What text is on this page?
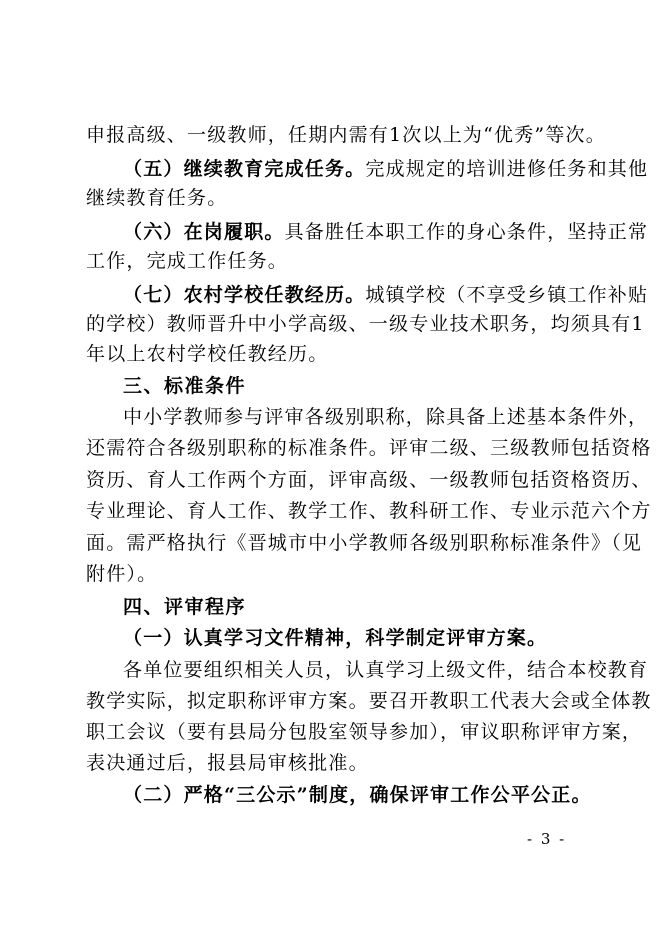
申报高级、一级教师，任期内需有1次以上为“优秀”等次。
（五）继续教育完成任务。完成规定的培训进修任务和其他
继续教育任务。
（六）在岗履职。具备胜任本职工作的身心条件，坚持正常
工作，完成工作任务。
（七）农村学校任教经历。城镇学校（不享受乡镇工作补贴
的学校）教师晋升中小学高级、一级专业技术职务，均须具有1
年以上农村学校任教经历。
三、标准条件
中小学教师参与评审各级别职称，除具备上述基本条件外，
还需符合各级别职称的标准条件。评审二级、三级教师包括资格
资历、育人工作两个方面，评审高级、一级教师包括资格资历、
专业理论、育人工作、教学工作、教科研工作、专业示范六个方
面。需严格执行《晋城市中小学教师各级别职称标准条件》（见
附件）。
四、评审程序
（一）认真学习文件精神，科学制定评审方案。
各单位要组织相关人员，认真学习上级文件，结合本校教育
教学实际，拟定职称评审方案。要召开教职工代表大会或全体教
职工会议（要有县局分包股室领导参加），审议职称评审方案，
表决通过后，报县局审核批准。
（二）严格“三公示”制度，确保评审工作公平公正。
- 3 -
